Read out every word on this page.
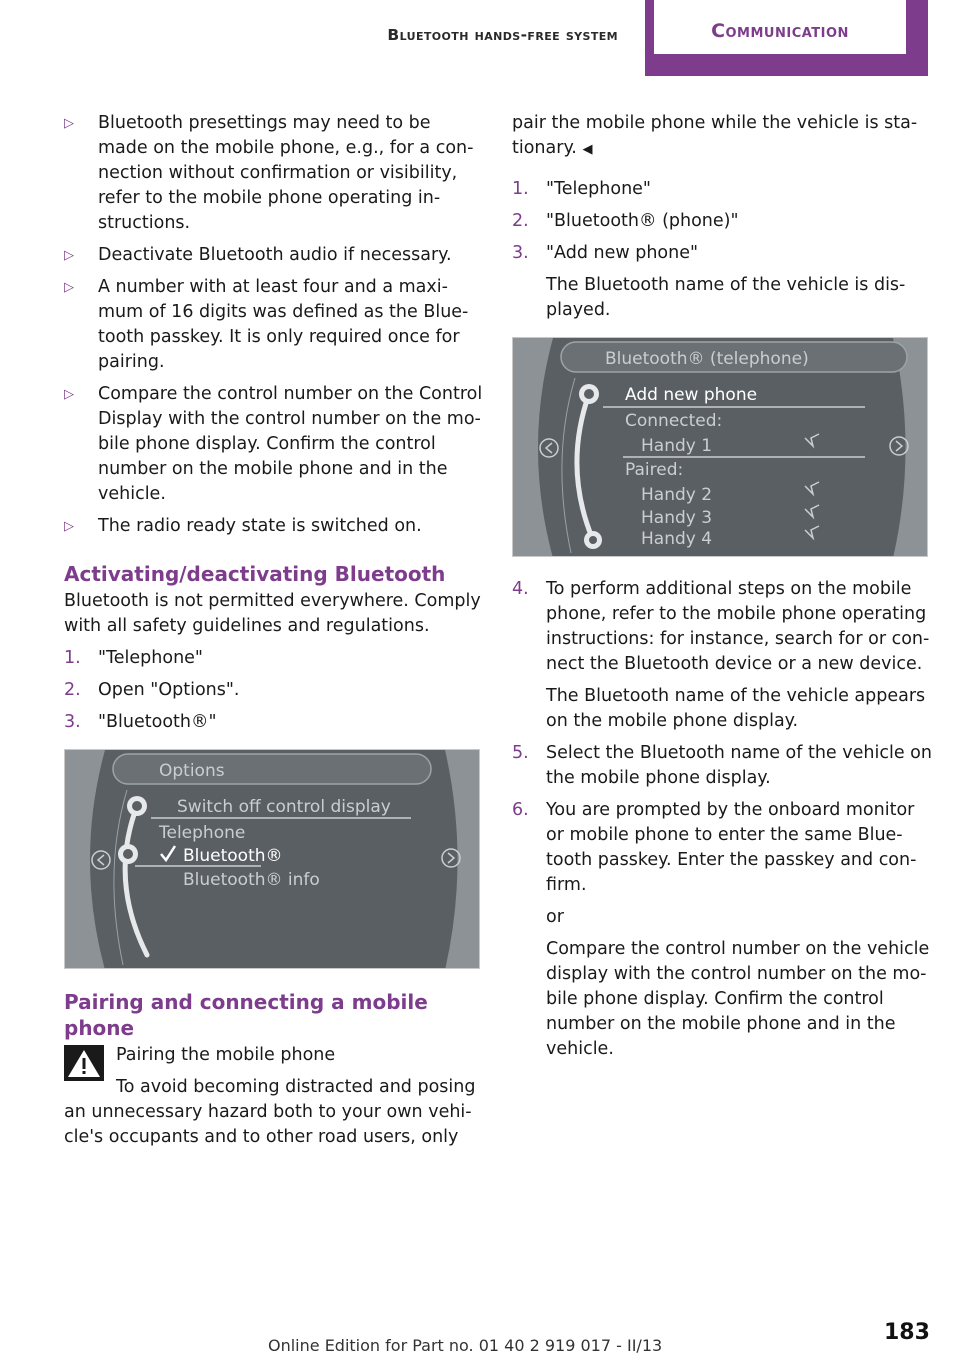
Bluetooth hands-free system	Communication
▷ Bluetooth presettings may need to be made on the mobile phone, e.g., for a con‐nection without confirmation or visibility, refer to the mobile phone operating in‐structions.
▷ Deactivate Bluetooth audio if necessary.
▷ A number with at least four and a maxi‐mum of 16 digits was defined as the Blue‐tooth passkey. It is only required once for pairing.
▷ Compare the control number on the Control Display with the control number on the mo‐bile phone display. Confirm the control number on the mobile phone and in the vehicle.
▷ The radio ready state is switched on.
Activating/deactivating Bluetooth
Bluetooth is not permitted everywhere. Comply with all safety guidelines and regulations.
1. "Telephone"
2. Open "Options".
3. "Bluetooth®"
Options
Switch off control display
Telephone
Bluetooth®
Bluetooth® info
Pairing and connecting a mobile phone
Pairing the mobile phone
To avoid becoming distracted and posing an unnecessary hazard both to your own vehi‐cle's occupants and to other road users, only
pair the mobile phone while the vehicle is sta‐tionary. ◀
1. "Telephone"
2. "Bluetooth® (phone)"
3. "Add new phone"
The Bluetooth name of the vehicle is dis‐played.
Bluetooth® (telephone)
Add new phone
Connected:
Handy 1
Paired:
Handy 2
Handy 3
Handy 4
4. To perform additional steps on the mobile phone, refer to the mobile phone operating instructions: for instance, search for or con‐nect the Bluetooth device or a new device.
The Bluetooth name of the vehicle appears on the mobile phone display.
5. Select the Bluetooth name of the vehicle on the mobile phone display.
6. You are prompted by the onboard monitor or mobile phone to enter the same Blue‐tooth passkey. Enter the passkey and con‐firm.
or
Compare the control number on the vehicle display with the control number on the mo‐bile phone display. Confirm the control number on the mobile phone and in the vehicle.
Online Edition for Part no. 01 40 2 919 017 - II/13
183
